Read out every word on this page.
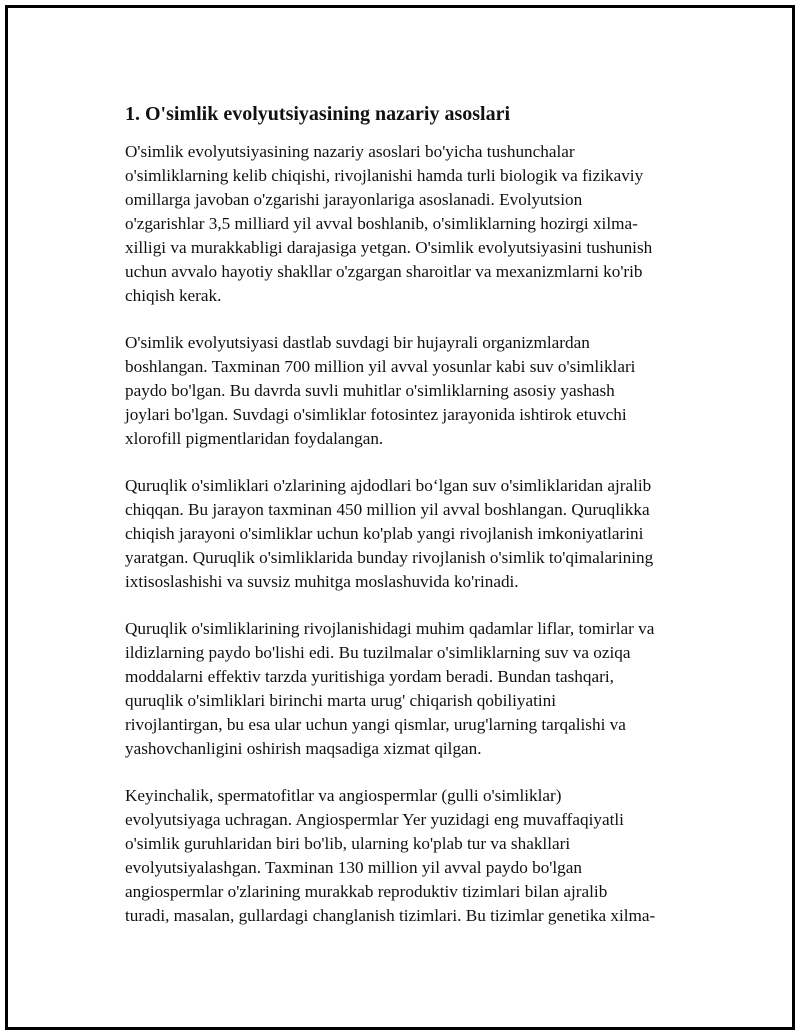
1. O'simlik evolyutsiyasining nazariy asoslari

O'simlik evolyutsiyasining nazariy asoslari bo'yicha tushunchalar
o'simliklarning kelib chiqishi, rivojlanishi hamda turli biologik va fizikaviy
omillarga javoban o'zgarishi jarayonlariga asoslanadi. Evolyutsion
o'zgarishlar 3,5 milliard yil avval boshlanib, o'simliklarning hozirgi xilma-
xilligi va murakkabligi darajasiga yetgan. O'simlik evolyutsiyasini tushunish
uchun avvalo hayotiy shakllar o'zgargan sharoitlar va mexanizmlarni ko'rib
chiqish kerak.

O'simlik evolyutsiyasi dastlab suvdagi bir hujayrali organizmlardan
boshlangan. Taxminan 700 million yil avval yosunlar kabi suv o'simliklari
paydo bo'lgan. Bu davrda suvli muhitlar o'simliklarning asosiy yashash
joylari bo'lgan. Suvdagi o'simliklar fotosintez jarayonida ishtirok etuvchi
xlorofill pigmentlaridan foydalangan.

Quruqlik o'simliklari o'zlarining ajdodlari bo‘lgan suv o'simliklaridan ajralib
chiqqan. Bu jarayon taxminan 450 million yil avval boshlangan. Quruqlikka
chiqish jarayoni o'simliklar uchun ko'plab yangi rivojlanish imkoniyatlarini
yaratgan. Quruqlik o'simliklarida bunday rivojlanish o'simlik to'qimalarining
ixtisoslashishi va suvsiz muhitga moslashuvida ko'rinadi.

Quruqlik o'simliklarining rivojlanishidagi muhim qadamlar liflar, tomirlar va
ildizlarning paydo bo'lishi edi. Bu tuzilmalar o'simliklarning suv va oziqa
moddalarni effektiv tarzda yuritishiga yordam beradi. Bundan tashqari,
quruqlik o'simliklari birinchi marta urug' chiqarish qobiliyatini
rivojlantirgan, bu esa ular uchun yangi qismlar, urug'larning tarqalishi va
yashovchanligini oshirish maqsadiga xizmat qilgan.

Keyinchalik, spermatofitlar va angiospermlar (gulli o'simliklar)
evolyutsiyaga uchragan. Angiospermlar Yer yuzidagi eng muvaffaqiyatli
o'simlik guruhlaridan biri bo'lib, ularning ko'plab tur va shakllari
evolyutsiyalashgan. Taxminan 130 million yil avval paydo bo'lgan
angiospermlar o'zlarining murakkab reproduktiv tizimlari bilan ajralib
turadi, masalan, gullardagi changlanish tizimlari. Bu tizimlar genetika xilma-
